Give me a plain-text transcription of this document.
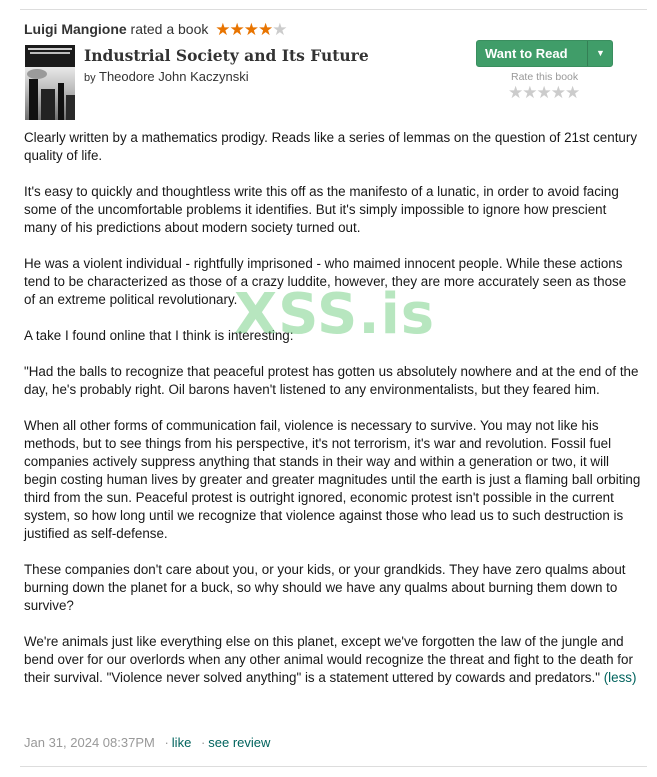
Luigi Mangione rated a book ★★★★★
Industrial Society and Its Future
by Theodore John Kaczynski
Want to Read	▼
Rate this book
★★★★★

Clearly written by a mathematics prodigy. Reads like a series of lemmas on the question of 21st century quality of life.

It's easy to quickly and thoughtless write this off as the manifesto of a lunatic, in order to avoid facing some of the uncomfortable problems it identifies. But it's simply impossible to ignore how prescient many of his predictions about modern society turned out.

He was a violent individual - rightfully imprisoned - who maimed innocent people. While these actions tend to be characterized as those of a crazy luddite, however, they are more accurately seen as those of an extreme political revolutionary.

A take I found online that I think is interesting:

"Had the balls to recognize that peaceful protest has gotten us absolutely nowhere and at the end of the day, he's probably right. Oil barons haven't listened to any environmentalists, but they feared him.

When all other forms of communication fail, violence is necessary to survive. You may not like his methods, but to see things from his perspective, it's not terrorism, it's war and revolution. Fossil fuel companies actively suppress anything that stands in their way and within a generation or two, it will begin costing human lives by greater and greater magnitudes until the earth is just a flaming ball orbiting third from the sun. Peaceful protest is outright ignored, economic protest isn't possible in the current system, so how long until we recognize that violence against those who lead us to such destruction is justified as self-defense.

These companies don't care about you, or your kids, or your grandkids. They have zero qualms about burning down the planet for a buck, so why should we have any qualms about burning them down to survive?

We're animals just like everything else on this planet, except we've forgotten the law of the jungle and bend over for our overlords when any other animal would recognize the threat and fight to the death for their survival. "Violence never solved anything" is a statement uttered by cowards and predators." (less)

Jan 31, 2024 08:37PM · like · see review
XSS.is
